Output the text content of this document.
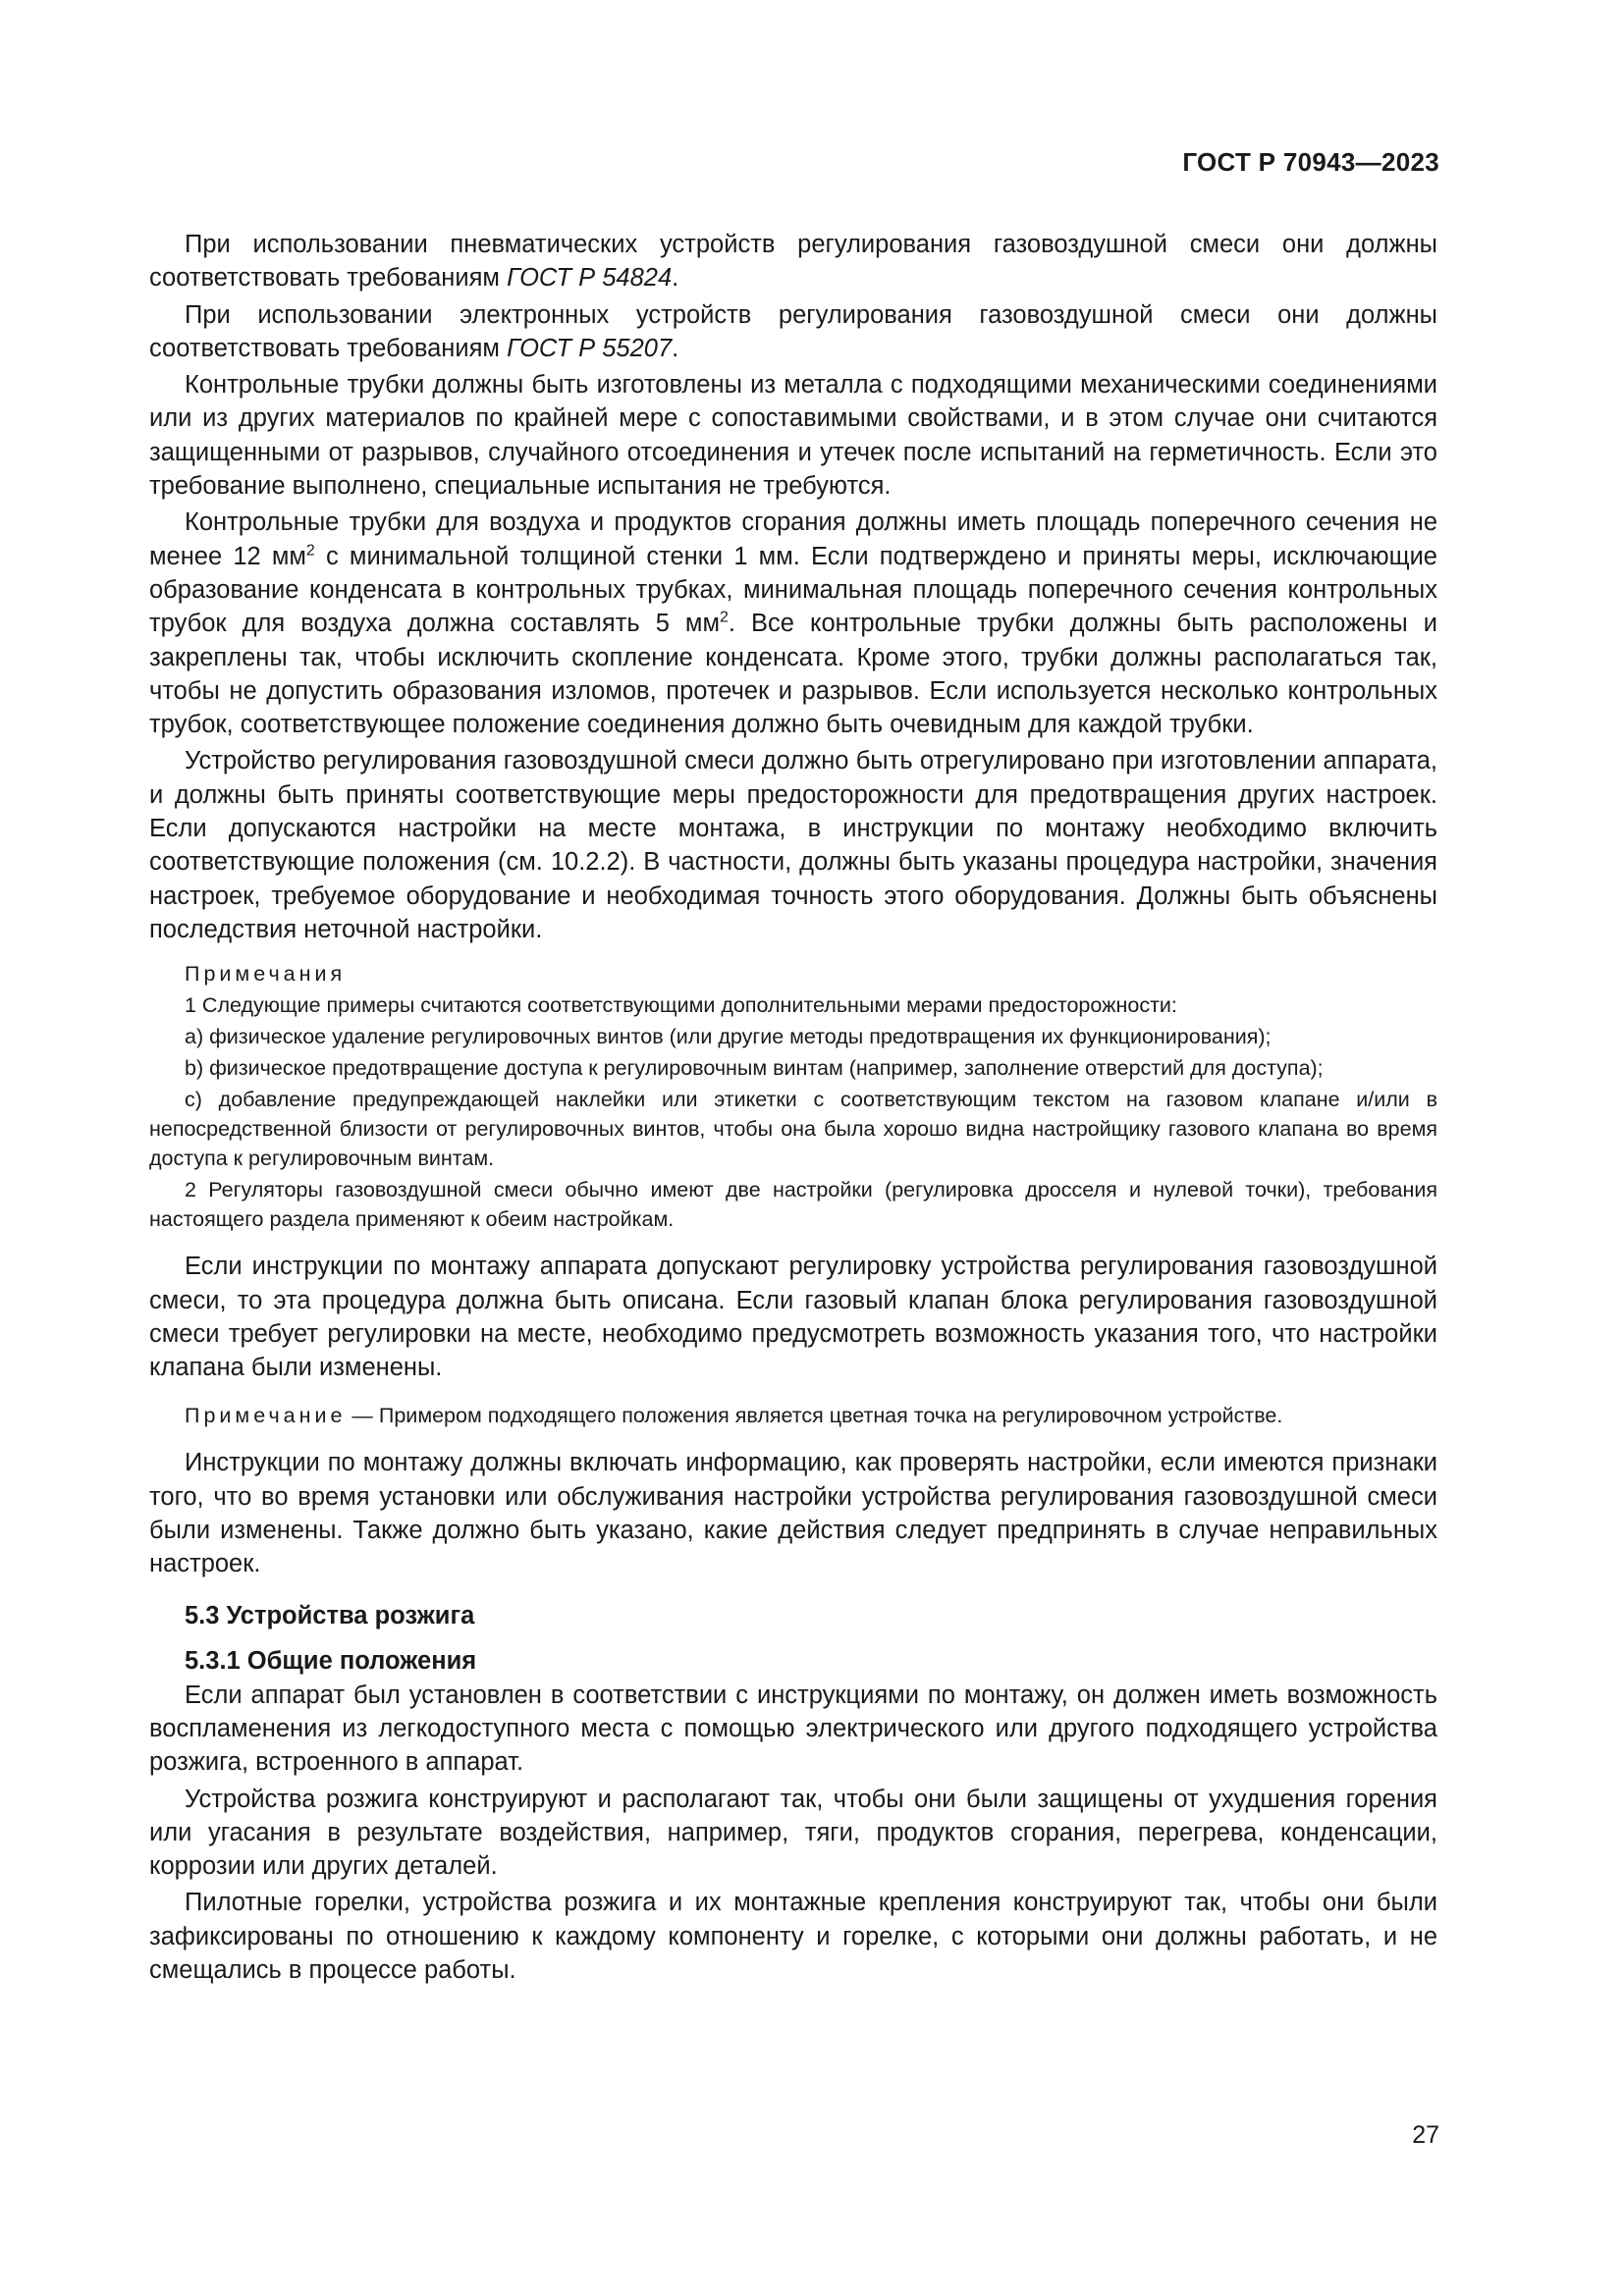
ГОСТ Р 70943—2023

При использовании пневматических устройств регулирования газовоздушной смеси они должны соответствовать требованиям ГОСТ Р 54824.

При использовании электронных устройств регулирования газовоздушной смеси они должны соответствовать требованиям ГОСТ Р 55207.

Контрольные трубки должны быть изготовлены из металла с подходящими механическими соединениями или из других материалов по крайней мере с сопоставимыми свойствами, и в этом случае они считаются защищенными от разрывов, случайного отсоединения и утечек после испытаний на герметичность. Если это требование выполнено, специальные испытания не требуются.

Контрольные трубки для воздуха и продуктов сгорания должны иметь площадь поперечного сечения не менее 12 $мм^2$ с минимальной толщиной стенки 1 мм. Если подтверждено и приняты меры, исключающие образование конденсата в контрольных трубках, минимальная площадь поперечного сечения контрольных трубок для воздуха должна составлять 5 $мм^2$. Все контрольные трубки должны быть расположены и закреплены так, чтобы исключить скопление конденсата. Кроме этого, трубки должны располагаться так, чтобы не допустить образования изломов, протечек и разрывов. Если используется несколько контрольных трубок, соответствующее положение соединения должно быть очевидным для каждой трубки.

Устройство регулирования газовоздушной смеси должно быть отрегулировано при изготовлении аппарата, и должны быть приняты соответствующие меры предосторожности для предотвращения других настроек. Если допускаются настройки на месте монтажа, в инструкции по монтажу необходимо включить соответствующие положения (см. 10.2.2). В частности, должны быть указаны процедура настройки, значения настроек, требуемое оборудование и необходимая точность этого оборудования. Должны быть объяснены последствия неточной настройки.

Примечания

1 Следующие примеры считаются соответствующими дополнительными мерами предосторожности:

a) физическое удаление регулировочных винтов (или другие методы предотвращения их функционирования);

b) физическое предотвращение доступа к регулировочным винтам (например, заполнение отверстий для доступа);

c) добавление предупреждающей наклейки или этикетки с соответствующим текстом на газовом клапане и/или в непосредственной близости от регулировочных винтов, чтобы она была хорошо видна настройщику газового клапана во время доступа к регулировочным винтам.

2 Регуляторы газовоздушной смеси обычно имеют две настройки (регулировка дросселя и нулевой точки), требования настоящего раздела применяют к обеим настройкам.

Если инструкции по монтажу аппарата допускают регулировку устройства регулирования газовоздушной смеси, то эта процедура должна быть описана. Если газовый клапан блока регулирования газовоздушной смеси требует регулировки на месте, необходимо предусмотреть возможность указания того, что настройки клапана были изменены.

Примечание — Примером подходящего положения является цветная точка на регулировочном устройстве.

Инструкции по монтажу должны включать информацию, как проверять настройки, если имеются признаки того, что во время установки или обслуживания настройки устройства регулирования газовоздушной смеси были изменены. Также должно быть указано, какие действия следует предпринять в случае неправильных настроек.

5.3 Устройства розжига

5.3.1 Общие положения

Если аппарат был установлен в соответствии с инструкциями по монтажу, он должен иметь возможность воспламенения из легкодоступного места с помощью электрического или другого подходящего устройства розжига, встроенного в аппарат.

Устройства розжига конструируют и располагают так, чтобы они были защищены от ухудшения горения или угасания в результате воздействия, например, тяги, продуктов сгорания, перегрева, конденсации, коррозии или других деталей.

Пилотные горелки, устройства розжига и их монтажные крепления конструируют так, чтобы они были зафиксированы по отношению к каждому компоненту и горелке, с которыми они должны работать, и не смещались в процессе работы.

27
